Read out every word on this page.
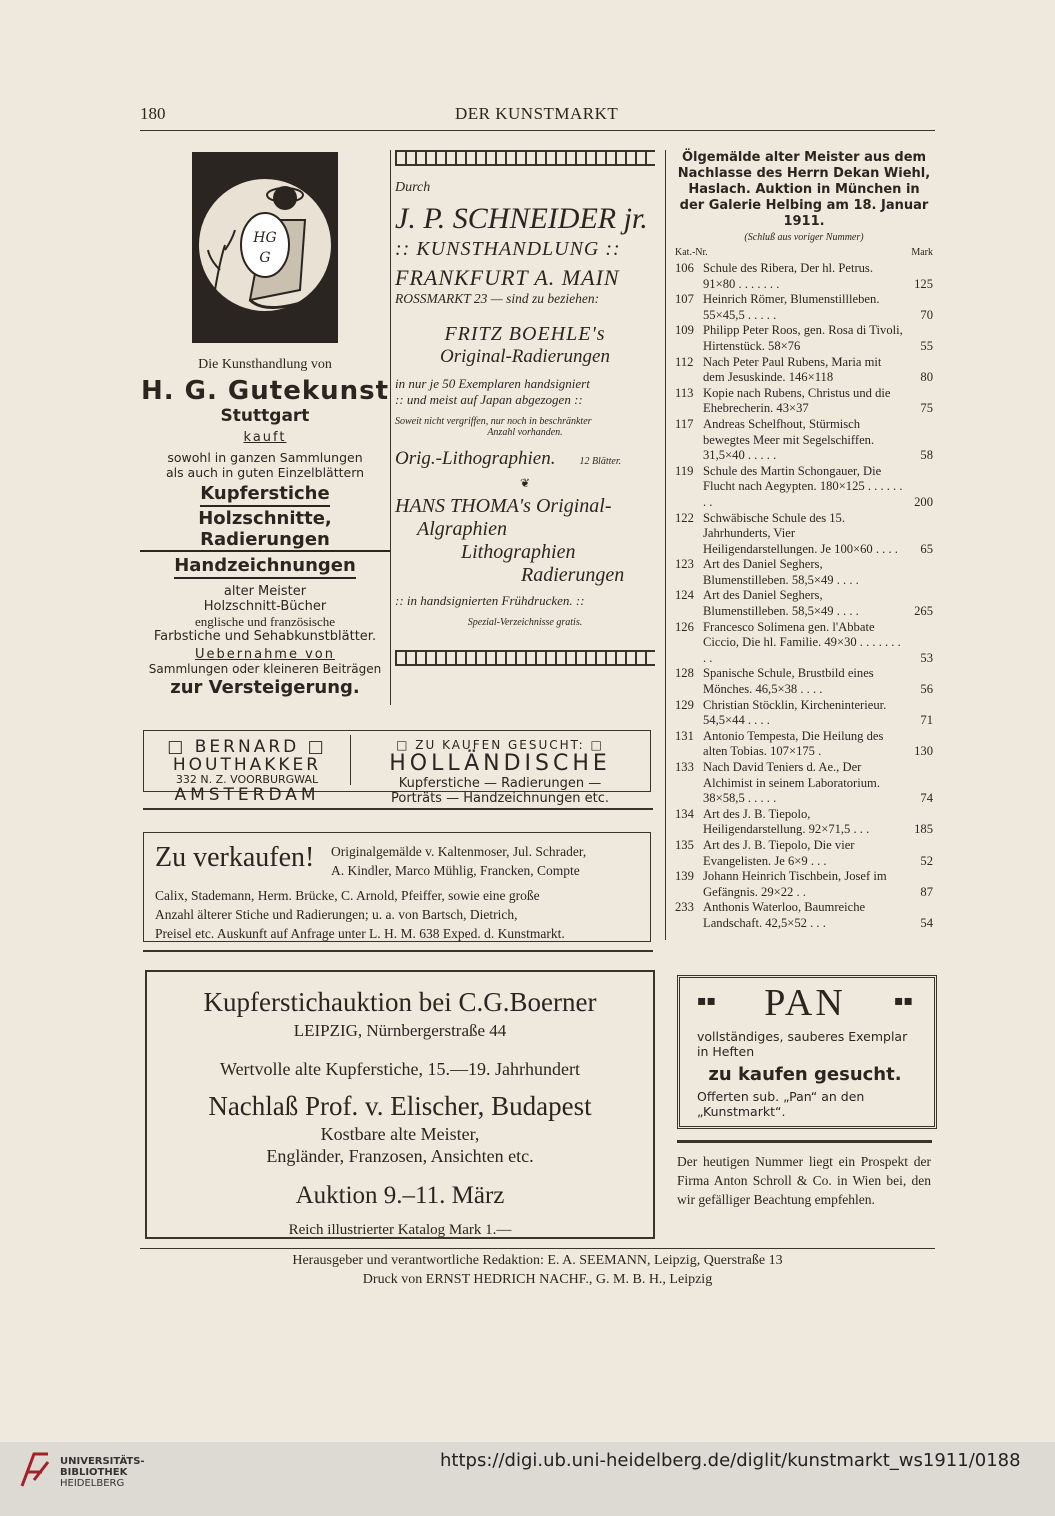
180	DER KUNSTMARKT
HG
G
Die Kunsthandlung von
H. G. Gutekunst
Stuttgart
kauft
sowohl in ganzen Sammlungen
als auch in guten Einzelblättern
Kupferstiche
Holzschnitte, Radierungen
Handzeichnungen
alter Meister
Holzschnitt-Bücher
englische und französische
Farbstiche und Sehabkunstblätter.
Uebernahme von
Sammlungen oder kleineren Beiträgen
zur Versteigerung.
Durch
J. P. SCHNEIDER jr.
:: KUNSTHANDLUNG ::
FRANKFURT A. MAIN
ROSSMARKT 23 — sind zu beziehen:
FRITZ BOEHLE's
Original-Radierungen
in nur je 50 Exemplaren handsigniert
:: und meist auf Japan abgezogen ::
Soweit nicht vergriffen, nur noch in beschränkter
Anzahl vorhanden.
Orig.-Lithographien. 12 Blätter.
❦
HANS THOMA's Original-
Algraphien
Lithographien
Radierungen
:: in handsignierten Frühdrucken. ::
Spezial-Verzeichnisse gratis.
Ölgemälde alter Meister aus dem Nachlasse des Herrn Dekan Wiehl, Haslach. Auktion in München in der Galerie Helbing am 18. Januar 1911.
(Schluß aus voriger Nummer)
Kat.-Nr.	Mark
106 Schule des Ribera, Der hl. Petrus. 91×80 . . . . . . .	125
107 Heinrich Römer, Blumenstillleben. 55×45,5 . . . . .	70
109 Philipp Peter Roos, gen. Rosa di Tivoli, Hirtenstück. 58×76	55
112 Nach Peter Paul Rubens, Maria mit dem Jesuskinde. 146×118	80
113 Kopie nach Rubens, Christus und die Ehebrecherin. 43×37	75
117 Andreas Schelfhout, Stürmisch bewegtes Meer mit Segelschiffen. 31,5×40 . . . . .	58
119 Schule des Martin Schongauer, Die Flucht nach Aegypten. 180×125 . . . . . . . .	200
122 Schwäbische Schule des 15. Jahrhunderts, Vier Heiligendarstellungen. Je 100×60 . . . . 65
123 Art des Daniel Seghers, Blumenstilleben. 58,5×49 . . . .
124 Art des Daniel Seghers, Blumenstilleben. 58,5×49 . . . .	265
126 Francesco Solimena gen. l'Abbate Ciccio, Die hl. Familie. 49×30 . . . . . . . . .	53
128 Spanische Schule, Brustbild eines Mönches. 46,5×38 . . . .	56
129 Christian Stöcklin, Kircheninterieur. 54,5×44 . . . .	71
131 Antonio Tempesta, Die Heilung des alten Tobias. 107×175 .	130
133 Nach David Teniers d. Ae., Der Alchimist in seinem Laboratorium. 38×58,5 . . . . .	74
134 Art des J. B. Tiepolo, Heiligendarstellung. 92×71,5 . . .	185
135 Art des J. B. Tiepolo, Die vier Evangelisten. Je 6×9 . . .	52
139 Johann Heinrich Tischbein, Josef im Gefängnis. 29×22 . .	87
233 Anthonis Waterloo, Baumreiche Landschaft. 42,5×52 . . .	54
□ BERNARD □
HOUTHAKKER
332 N. Z. VOORBURGWAL
AMSTERDAM
□ ZU KAUFEN GESUCHT: □
HOLLÄNDISCHE
Kupferstiche — Radierungen —
Porträts — Handzeichnungen etc.
Zu verkaufen! Originalgemälde v. Kaltenmoser, Jul. Schrader,
A. Kindler, Marco Mühlig, Francken, Compte
Calix, Stademann, Herm. Brücke, C. Arnold, Pfeiffer, sowie eine große
Anzahl älterer Stiche und Radierungen; u. a. von Bartsch, Dietrich,
Preisel etc. Auskunft auf Anfrage unter L. H. M. 638 Exped. d. Kunstmarkt.
Kupferstichauktion bei C.G.Boerner
LEIPZIG, Nürnbergerstraße 44
Wertvolle alte Kupferstiche, 15.—19. Jahrhundert
Nachlaß Prof. v. Elischer, Budapest
Kostbare alte Meister,
Engländer, Franzosen, Ansichten etc.
Auktion 9.–11. März
Reich illustrierter Katalog Mark 1.—
▪▪	PAN	▪▪
vollständiges, sauberes Exemplar in Heften
zu kaufen gesucht.
Offerten sub. „Pan“ an den „Kunstmarkt“.
Der heutigen Nummer liegt ein Prospekt der Firma Anton Schroll & Co. in Wien bei, den wir gefälliger Beachtung empfehlen.
Herausgeber und verantwortliche Redaktion: E. A. SEEMANN, Leipzig, Querstraße 13
Druck von ERNST HEDRICH NACHF., G. M. B. H., Leipzig
UNIVERSITÄTS-
BIBLIOTHEK
HEIDELBERG
https://digi.ub.uni-heidelberg.de/diglit/kunstmarkt_ws1911/0188
